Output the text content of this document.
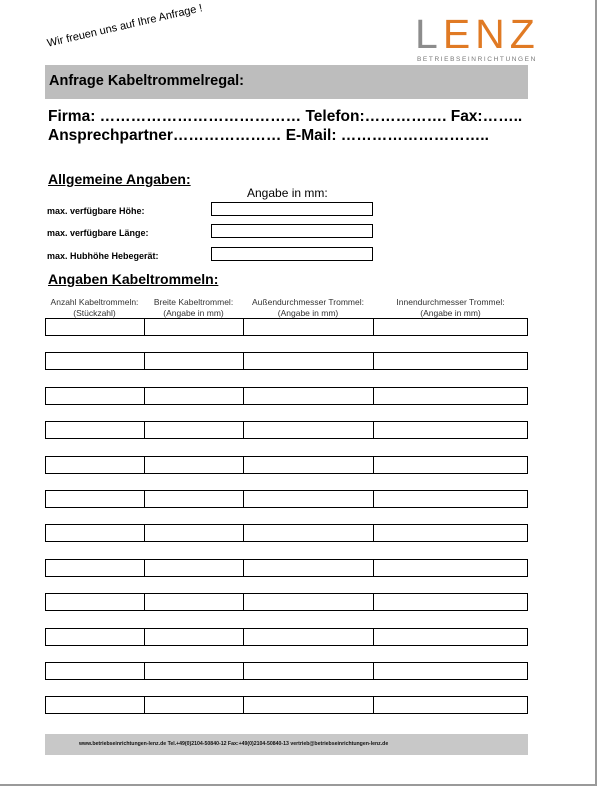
Wir freuen uns auf Ihre Anfrage !	LENZ
BETRIEBSEINRICHTUNGEN
Anfrage Kabeltrommelregal:
Firma: ………………………………… Telefon:……………. Fax:……..
Ansprechpartner………………… E-Mail: ………………………..
Allgemeine Angaben:
Angabe in mm:
max. verfügbare Höhe:
max. verfügbare Länge:
max. Hubhöhe Hebegerät:
Angaben Kabeltrommeln:
Anzahl Kabeltrommeln:
(Stückzahl)
Breite Kabeltrommel:
(Angabe in mm)
Außendurchmesser Trommel:
(Angabe in mm)
Innendurchmesser Trommel:
(Angabe in mm)
www.betriebseinrichtungen-lenz.de Tel.+49(0)2104-50840-12 Fax:+49(0)2104-50840-13 vertrieb@betriebseinrichtungen-lenz.de
